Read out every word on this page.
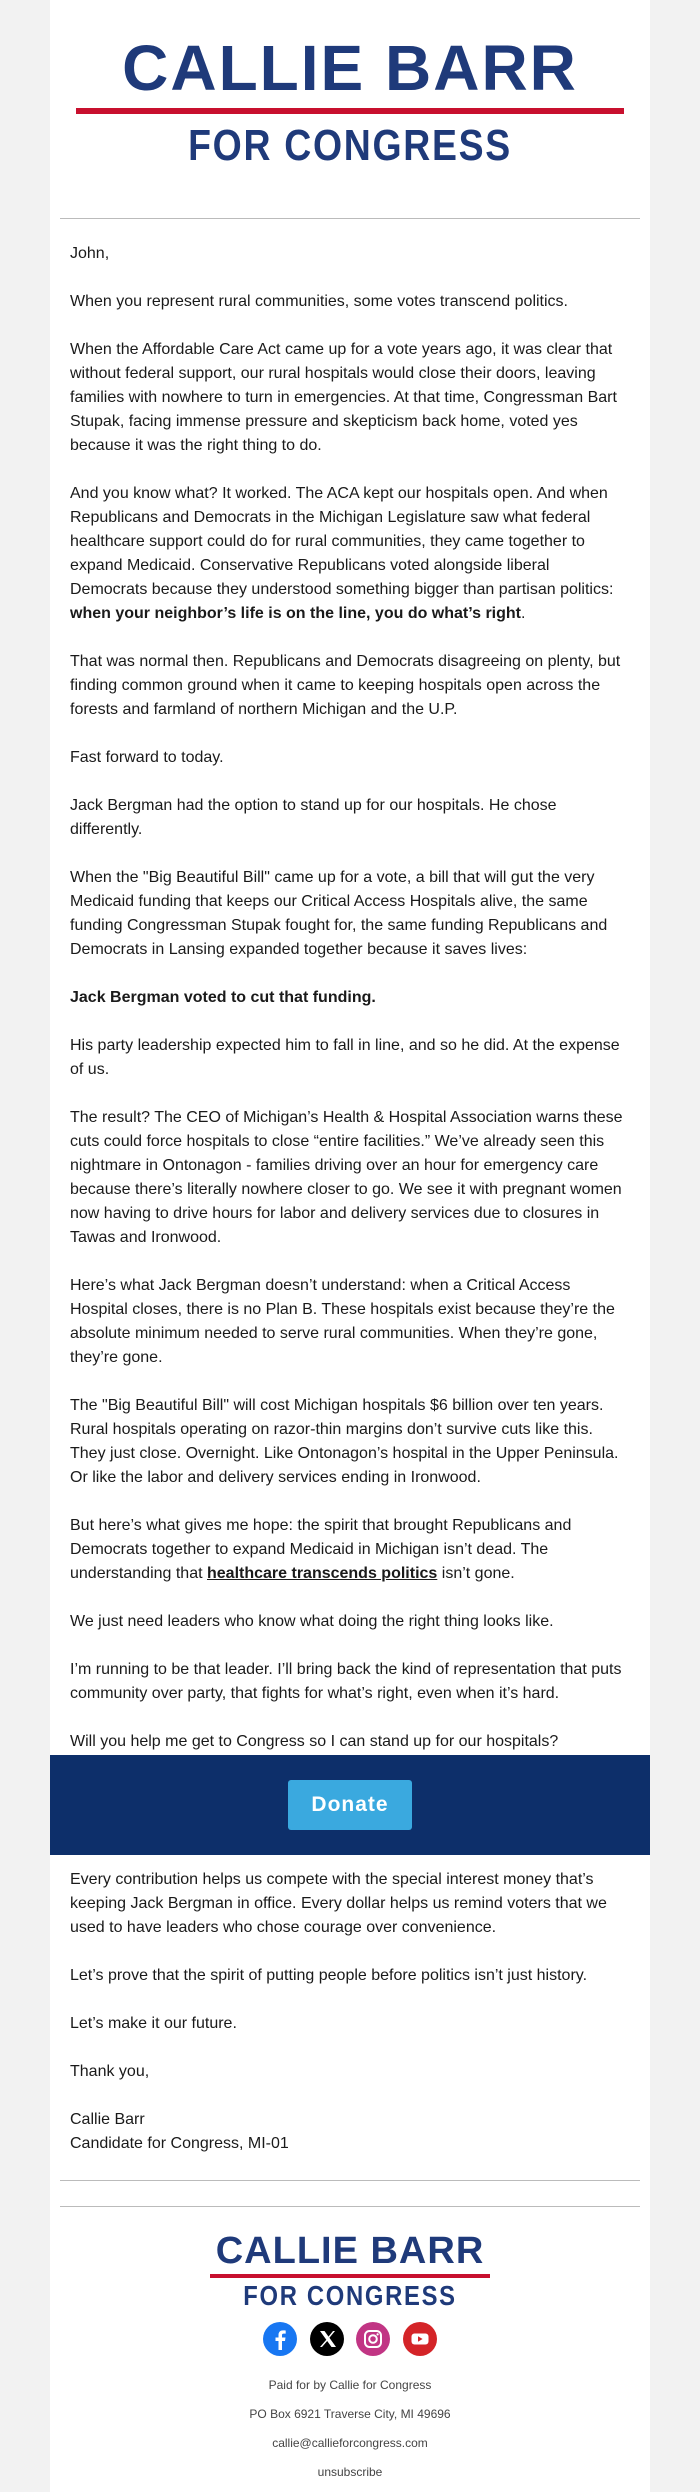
CALLIE BARR
FOR CONGRESS

John,

When you represent rural communities, some votes transcend politics.

When the Affordable Care Act came up for a vote years ago, it was clear that without federal support, our rural hospitals would close their doors, leaving families with nowhere to turn in emergencies. At that time, Congressman Bart Stupak, facing immense pressure and skepticism back home, voted yes because it was the right thing to do.

And you know what? It worked. The ACA kept our hospitals open. And when Republicans and Democrats in the Michigan Legislature saw what federal healthcare support could do for rural communities, they came together to expand Medicaid. Conservative Republicans voted alongside liberal Democrats because they understood something bigger than partisan politics: when your neighbor’s life is on the line, you do what’s right.

That was normal then. Republicans and Democrats disagreeing on plenty, but finding common ground when it came to keeping hospitals open across the forests and farmland of northern Michigan and the U.P.

Fast forward to today.

Jack Bergman had the option to stand up for our hospitals. He chose differently.

When the "Big Beautiful Bill" came up for a vote, a bill that will gut the very Medicaid funding that keeps our Critical Access Hospitals alive, the same funding Congressman Stupak fought for, the same funding Republicans and Democrats in Lansing expanded together because it saves lives:

Jack Bergman voted to cut that funding.

His party leadership expected him to fall in line, and so he did. At the expense of us.

The result? The CEO of Michigan’s Health & Hospital Association warns these cuts could force hospitals to close “entire facilities.” We’ve already seen this nightmare in Ontonagon - families driving over an hour for emergency care because there’s literally nowhere closer to go. We see it with pregnant women now having to drive hours for labor and delivery services due to closures in Tawas and Ironwood.

Here’s what Jack Bergman doesn’t understand: when a Critical Access Hospital closes, there is no Plan B. These hospitals exist because they’re the absolute minimum needed to serve rural communities. When they’re gone, they’re gone.

The "Big Beautiful Bill" will cost Michigan hospitals $6 billion over ten years. Rural hospitals operating on razor-thin margins don’t survive cuts like this. They just close. Overnight. Like Ontonagon’s hospital in the Upper Peninsula. Or like the labor and delivery services ending in Ironwood.

But here’s what gives me hope: the spirit that brought Republicans and Democrats together to expand Medicaid in Michigan isn’t dead. The understanding that healthcare transcends politics isn’t gone.

We just need leaders who know what doing the right thing looks like.

I’m running to be that leader. I’ll bring back the kind of representation that puts community over party, that fights for what’s right, even when it’s hard.

Will you help me get to Congress so I can stand up for our hospitals?

Donate

Every contribution helps us compete with the special interest money that’s keeping Jack Bergman in office. Every dollar helps us remind voters that we used to have leaders who chose courage over convenience.

Let’s prove that the spirit of putting people before politics isn’t just history.

Let’s make it our future.

Thank you,

Callie Barr
Candidate for Congress, MI-01

CALLIE BARR
FOR CONGRESS

Paid for by Callie for Congress
PO Box 6921 Traverse City, MI 49696
callie@callieforcongress.com
unsubscribe
